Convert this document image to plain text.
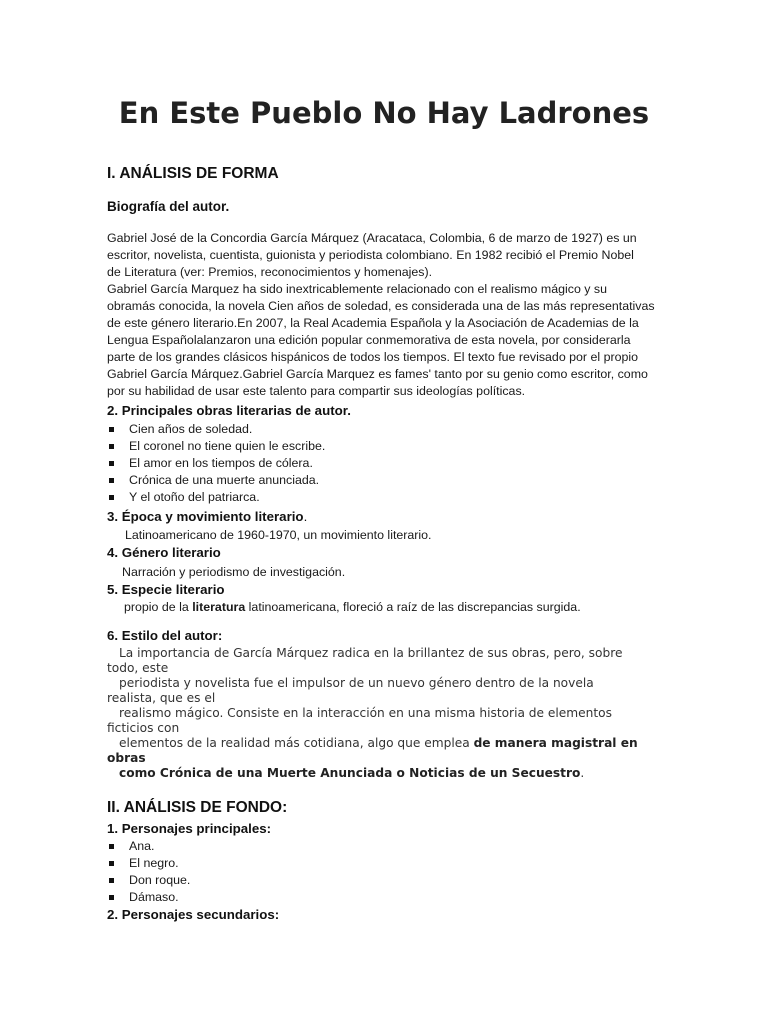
En Este Pueblo No Hay Ladrones
I. ANÁLISIS DE FORMA
Biografía del autor.
Gabriel José de la Concordia García Márquez (Aracataca, Colombia, 6 de marzo de 1927) es un
escritor, novelista, cuentista, guionista y periodista colombiano. En 1982 recibió el Premio Nobel
de Literatura (ver: Premios, reconocimientos y homenajes).
Gabriel García Marquez ha sido inextricablemente relacionado con el realismo mágico y su
obramás conocida, la novela Cien años de soledad, es considerada una de las más representativas
de este género literario.En 2007, la Real Academia Española y la Asociación de Academias de la
Lengua Españolalanzaron una edición popular conmemorativa de esta novela, por considerarla
parte de los grandes clásicos hispánicos de todos los tiempos. El texto fue revisado por el propio
Gabriel García Márquez.Gabriel García Marquez es fames' tanto por su genio como escritor, como
por su habilidad de usar este talento para compartir sus ideologías políticas.
2. Principales obras literarias de autor.
Cien años de soledad.
El coronel no tiene quien le escribe.
El amor en los tiempos de cólera.
Crónica de una muerte anunciada.
Y el otoño del patriarca.
3. Época y movimiento literario.
Latinoamericano de 1960-1970, un movimiento literario.
4. Género literario
Narración y periodismo de investigación.
5. Especie literario
propio de la literatura latinoamericana, floreció a raíz de las discrepancias surgida.
6. Estilo del autor:
La importancia de García Márquez radica en la brillantez de sus obras, pero, sobre
todo, este
periodista y novelista fue el impulsor de un nuevo género dentro de la novela
realista, que es el
realismo mágico. Consiste en la interacción en una misma historia de elementos
ficticios con
elementos de la realidad más cotidiana, algo que emplea de manera magistral en
obras
como Crónica de una Muerte Anunciada o Noticias de un Secuestro.
II. ANÁLISIS DE FONDO:
1. Personajes principales:
Ana.
El negro.
Don roque.
Dámaso.
2. Personajes secundarios:
